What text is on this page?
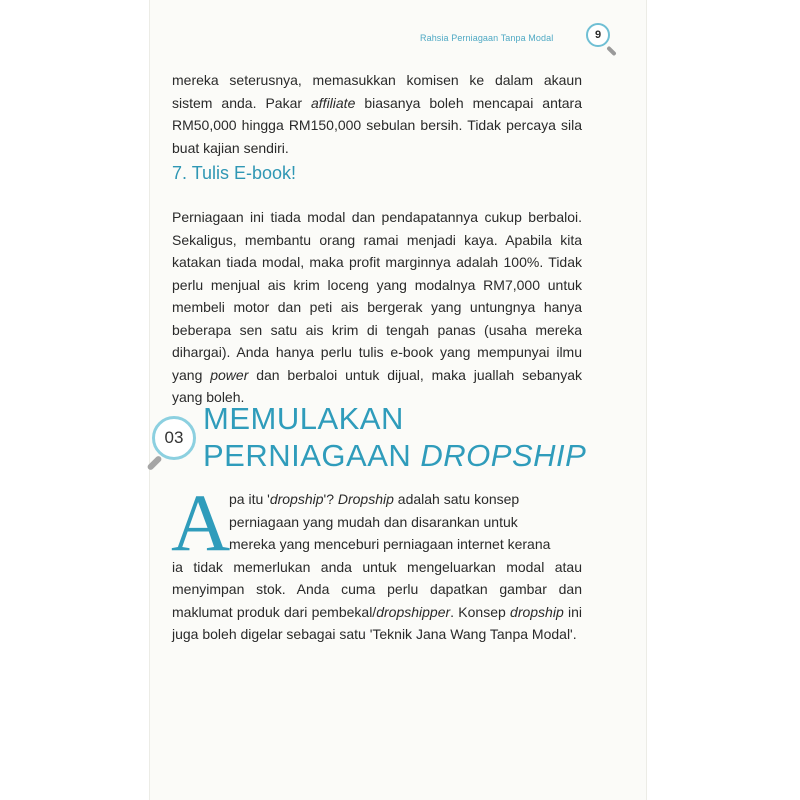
Rahsia Perniagaan Tanpa Modal	9
mereka seterusnya, memasukkan komisen ke dalam akaun sistem anda. Pakar affiliate biasanya boleh mencapai antara RM50,000 hingga RM150,000 sebulan bersih. Tidak percaya sila buat kajian sendiri.
7. Tulis E-book!
Perniagaan ini tiada modal dan pendapatannya cukup berbaloi. Sekaligus, membantu orang ramai menjadi kaya. Apabila kita katakan tiada modal, maka profit marginnya adalah 100%. Tidak perlu menjual ais krim loceng yang modalnya RM7,000 untuk membeli motor dan peti ais bergerak yang untungnya hanya beberapa sen satu ais krim di tengah panas (usaha mereka dihargai). Anda hanya perlu tulis e-book yang mempunyai ilmu yang power dan berbaloi untuk dijual, maka juallah sebanyak yang boleh.
03
MEMULAKAN
PERNIAGAAN DROPSHIP
A
pa itu 'dropship'? Dropship adalah satu konsep
perniagaan yang mudah dan disarankan untuk
mereka yang menceburi perniagaan internet kerana
ia tidak memerlukan anda untuk mengeluarkan modal atau menyimpan stok. Anda cuma perlu dapatkan gambar dan maklumat produk dari pembekal/dropshipper. Konsep dropship ini juga boleh digelar sebagai satu 'Teknik Jana Wang Tanpa Modal'.
